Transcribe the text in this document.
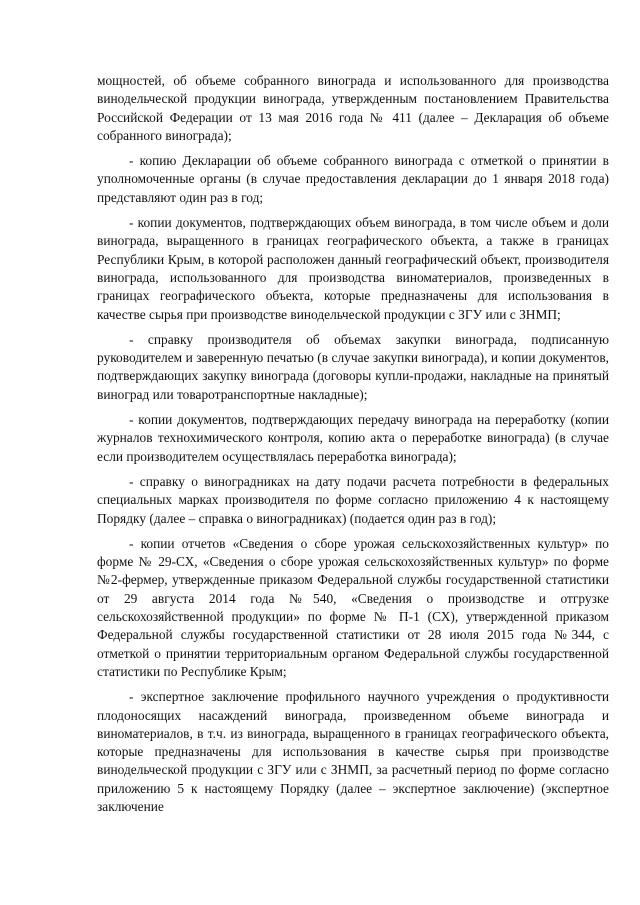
мощностей, об объеме собранного винограда и использованного для производства винодельческой продукции винограда, утвержденным постановлением Правительства Российской Федерации от 13 мая 2016 года № 411 (далее – Декларация об объеме собранного винограда);

- копию Декларации об объеме собранного винограда с отметкой о принятии в уполномоченные органы (в случае предоставления декларации до 1 января 2018 года) представляют один раз в год;

- копии документов, подтверждающих объем винограда, в том числе объем и доли винограда, выращенного в границах географического объекта, а также в границах Республики Крым, в которой расположен данный географический объект, производителя винограда, использованного для производства виноматериалов, произведенных в границах географического объекта, которые предназначены для использования в качестве сырья при производстве винодельческой продукции с ЗГУ или с ЗНМП;

- справку производителя об объемах закупки винограда, подписанную руководителем и заверенную печатью (в случае закупки винограда), и копии документов, подтверждающих закупку винограда (договоры купли-продажи, накладные на принятый виноград или товаротранспортные накладные);

- копии документов, подтверждающих передачу винограда на переработку (копии журналов технохимического контроля, копию акта о переработке винограда) (в случае если производителем осуществлялась переработка винограда);

- справку о виноградниках на дату подачи расчета потребности в федеральных специальных марках производителя по форме согласно приложению 4 к настоящему Порядку (далее – справка о виноградниках) (подается один раз в год);

- копии отчетов «Сведения о сборе урожая сельскохозяйственных культур» по форме № 29-СХ, «Сведения о сборе урожая сельскохозяйственных культур» по форме №2-фермер, утвержденные приказом Федеральной службы государственной статистики от 29 августа 2014 года №540, «Сведения о производстве и отгрузке сельскохозяйственной продукции» по форме № П-1 (СХ), утвержденной приказом Федеральной службы государственной статистики от 28 июля 2015 года №344, с отметкой о принятии территориальным органом Федеральной службы государственной статистики по Республике Крым;

- экспертное заключение профильного научного учреждения о продуктивности плодоносящих насаждений винограда, произведенном объеме винограда и виноматериалов, в т.ч. из винограда, выращенного в границах географического объекта, которые предназначены для использования в качестве сырья при производстве винодельческой продукции с ЗГУ или с ЗНМП, за расчетный период по форме согласно приложению 5 к настоящему Порядку (далее – экспертное заключение) (экспертное заключение
